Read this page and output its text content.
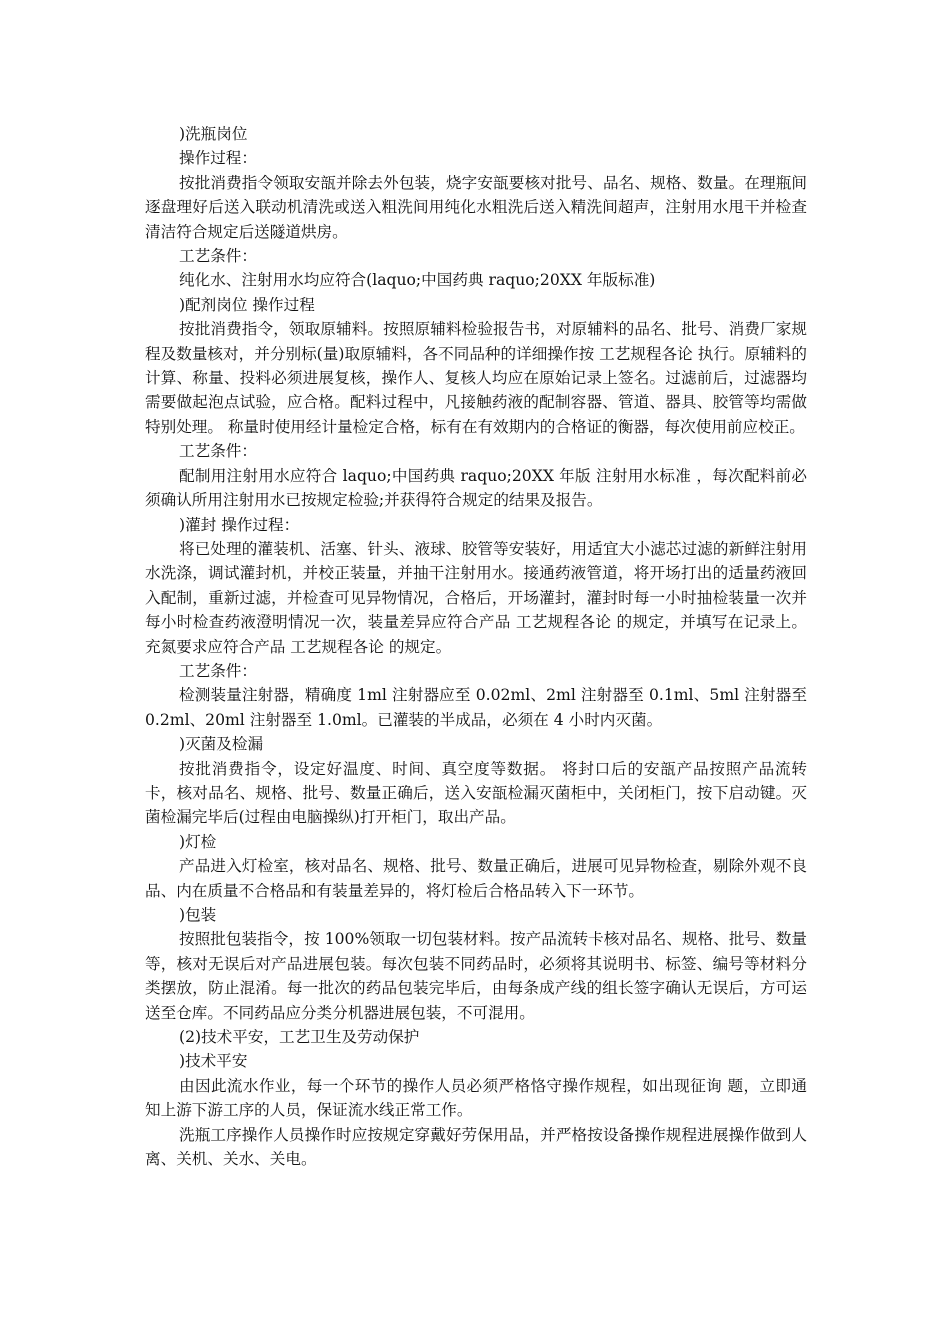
)洗瓶岗位

操作过程：

按批消费指令领取安瓿并除去外包装，烧字安瓿要核对批号、品名、规格、数量。在理瓶间逐盘理好后送入联动机清洗或送入粗洗间用纯化水粗洗后送入精洗间超声，注射用水甩干并检查清洁符合规定后送隧道烘房。

工艺条件：

纯化水、注射用水均应符合(laquo;中国药典 raquo;20XX 年版标准)

)配剂岗位 操作过程

按批消费指令，领取原辅料。按照原辅料检验报告书，对原辅料的品名、批号、消费厂家规程及数量核对，并分别标(量)取原辅料，各不同品种的详细操作按 工艺规程各论 执行。原辅料的计算、称量、投料必须进展复核，操作人、复核人均应在原始记录上签名。过滤前后，过滤器均需要做起泡点试验，应合格。配料过程中，凡接触药液的配制容器、管道、器具、胶管等均需做特别处理。 称量时使用经计量检定合格，标有在有效期内的合格证的衡器，每次使用前应校正。

工艺条件：

配制用注射用水应符合 laquo;中国药典 raquo;20XX 年版 注射用水标准 ，每次配料前必须确认所用注射用水已按规定检验;并获得符合规定的结果及报告。

)灌封 操作过程：

将已处理的灌装机、活塞、针头、液球、胶管等安装好，用适宜大小滤芯过滤的新鲜注射用水洗涤，调试灌封机，并校正装量，并抽干注射用水。接通药液管道，将开场打出的适量药液回入配制，重新过滤，并检查可见异物情况，合格后，开场灌封，灌封时每一小时抽检装量一次并每小时检查药液澄明情况一次，装量差异应符合产品 工艺规程各论 的规定，并填写在记录上。充氮要求应符合产品 工艺规程各论 的规定。

工艺条件：

检测装量注射器，精确度 1ml 注射器应至 0.02ml、2ml 注射器至 0.1ml、5ml 注射器至 0.2ml、20ml 注射器至 1.0ml。已灌装的半成品，必须在 4 小时内灭菌。

)灭菌及检漏

按批消费指令，设定好温度、时间、真空度等数据。 将封口后的安瓿产品按照产品流转卡，核对品名、规格、批号、数量正确后，送入安瓿检漏灭菌柜中，关闭柜门，按下启动键。灭菌检漏完毕后(过程由电脑操纵)打开柜门，取出产品。

)灯检

产品进入灯检室，核对品名、规格、批号、数量正确后，进展可见异物检查，剔除外观不良品、内在质量不合格品和有装量差异的，将灯检后合格品转入下一环节。

)包装

按照批包装指令，按 100%领取一切包装材料。按产品流转卡核对品名、规格、批号、数量等，核对无误后对产品进展包装。每次包装不同药品时，必须将其说明书、标签、编号等材料分类摆放，防止混淆。每一批次的药品包装完毕后，由每条成产线的组长签字确认无误后，方可运送至仓库。不同药品应分类分机器进展包装，不可混用。

(2)技术平安，工艺卫生及劳动保护

)技术平安

由因此流水作业，每一个环节的操作人员必须严格恪守操作规程，如出现征询 题，立即通知上游下游工序的人员，保证流水线正常工作。

洗瓶工序操作人员操作时应按规定穿戴好劳保用品，并严格按设备操作规程进展操作做到人离、关机、关水、关电。
